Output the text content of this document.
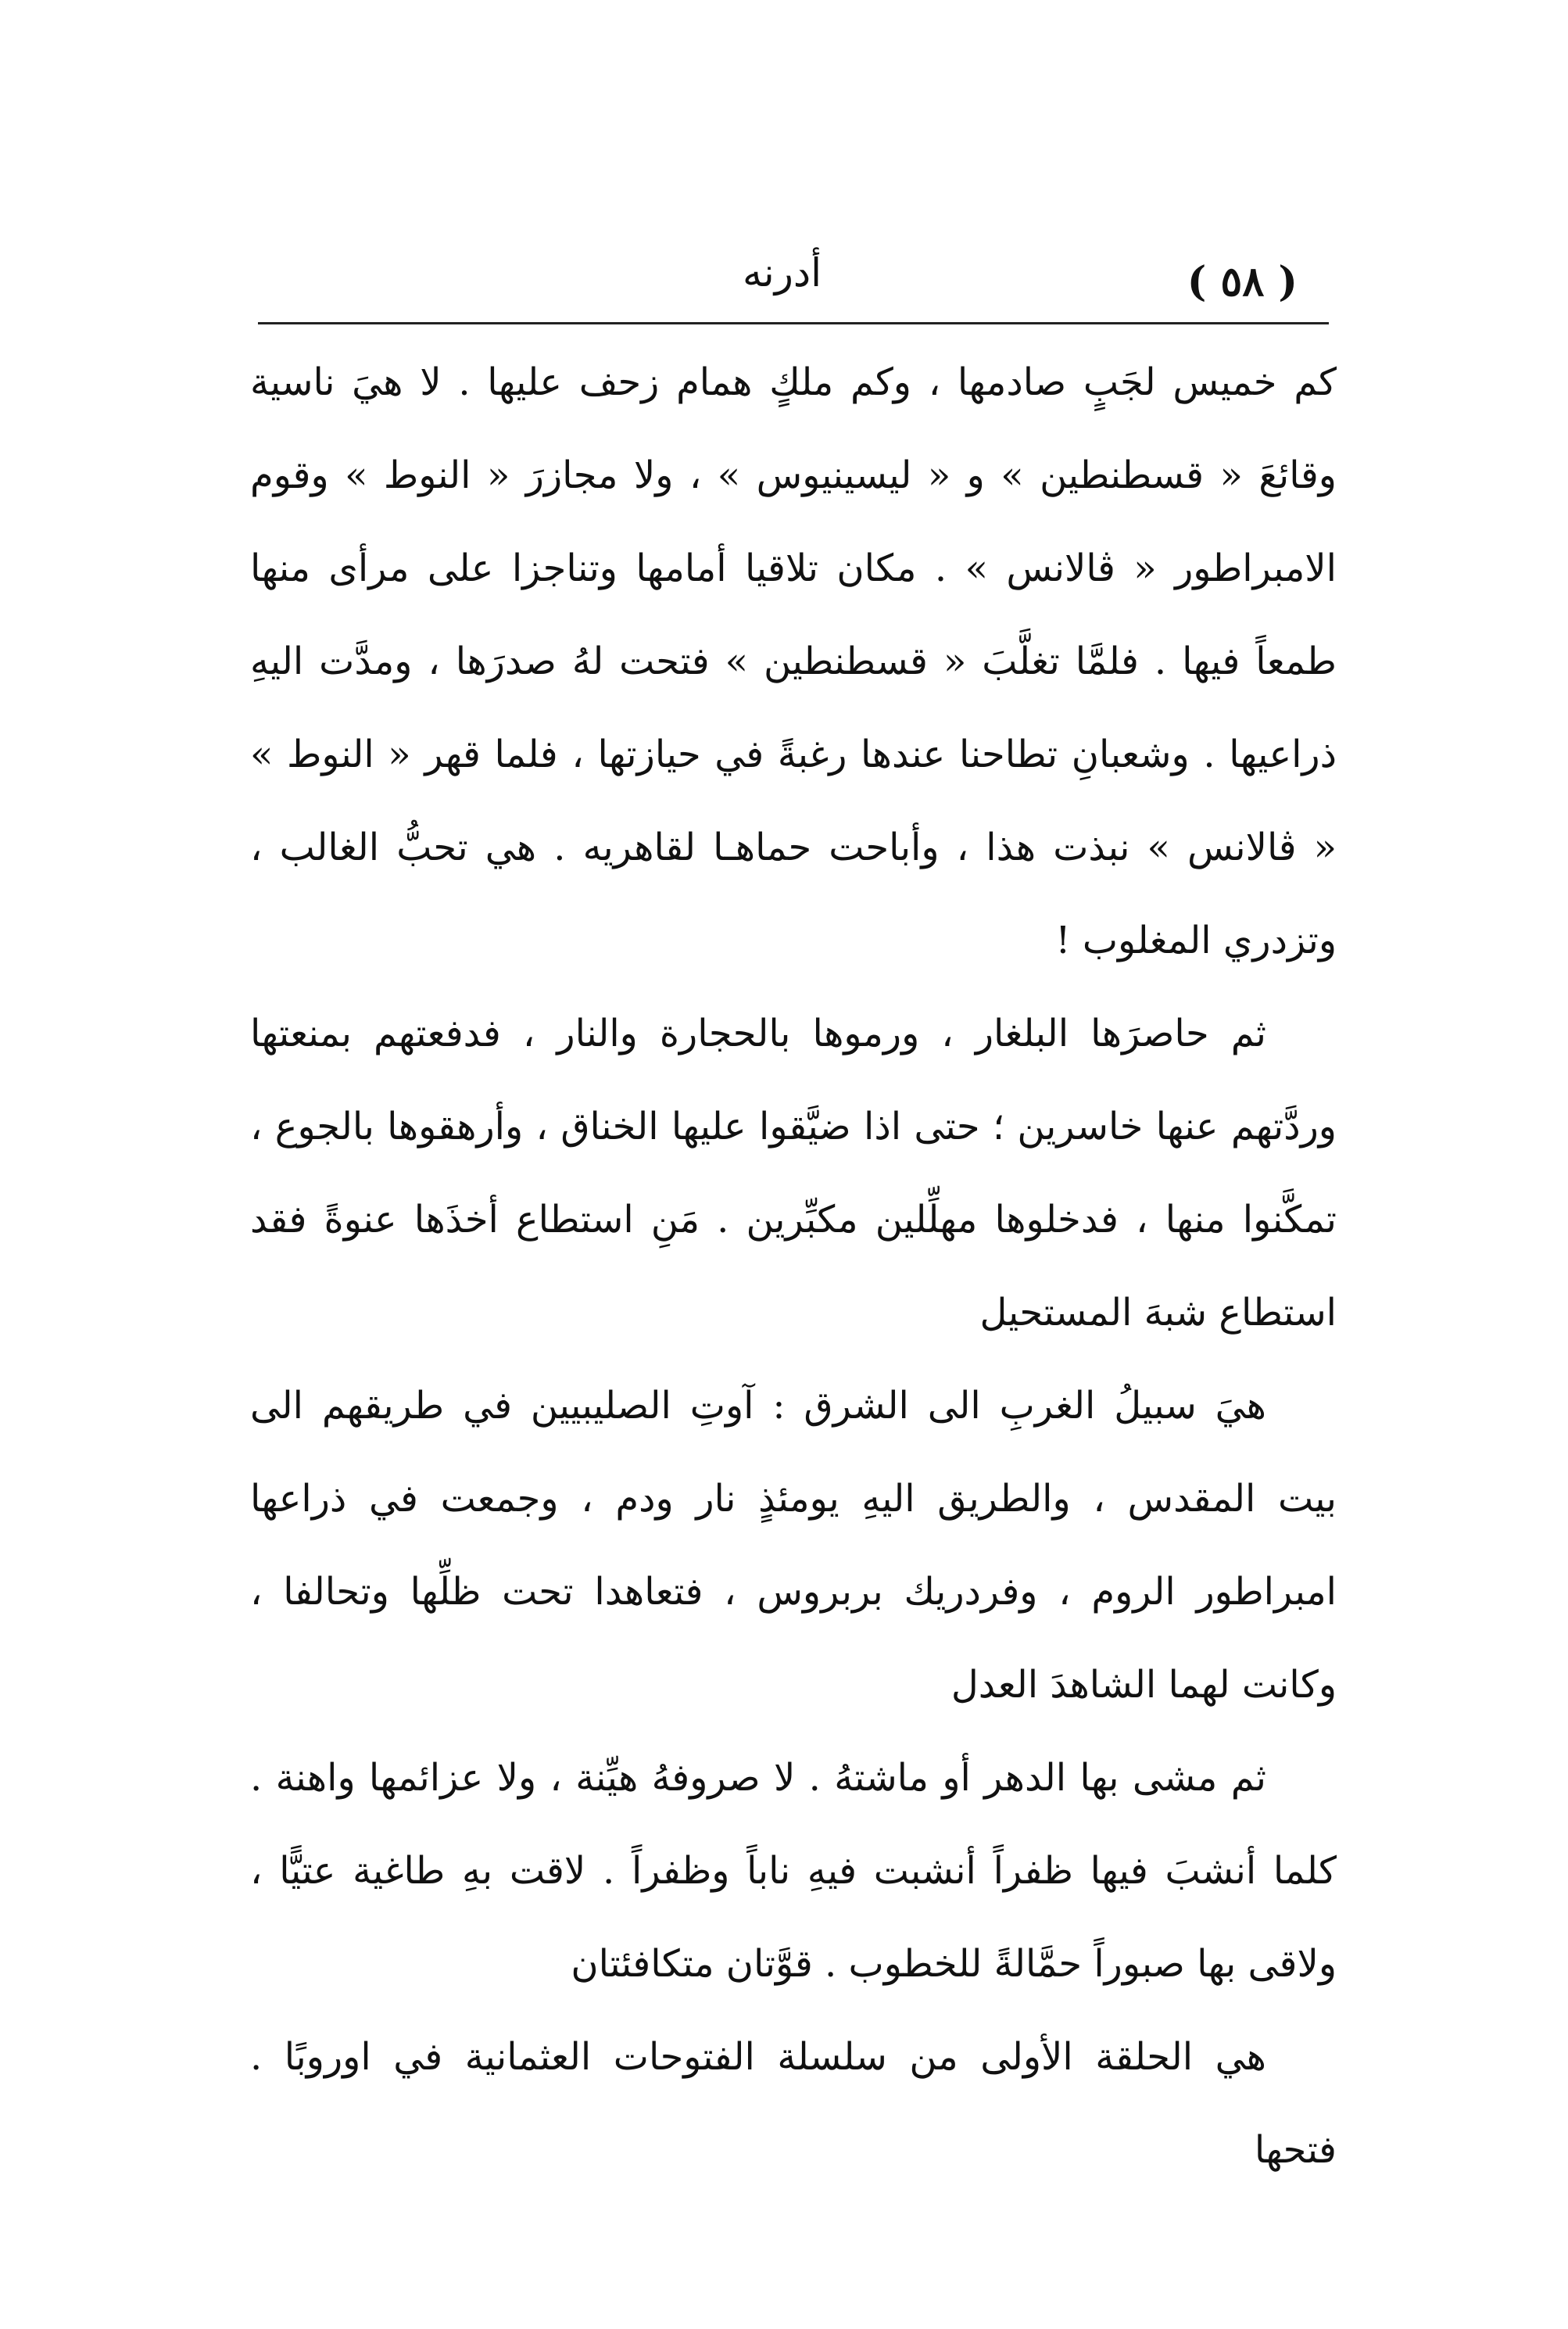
( ٥٨ )
أدرنه

كم خميس لجَبٍ صادمها ، وكم ملكٍ همام زحف عليها . لا هيَ ناسية وقائعَ « قسطنطين » و « ليسينيوس » ، ولا مجازرَ « النوط » وقوم الامبراطور « ڤالانس » . مكان تلاقيا أمامها وتناجزا على مرأى منها طمعاً فيها . فلمَّا تغلَّبَ « قسطنطين » فتحت لهُ صدرَها ، ومدَّت اليهِ ذراعيها . وشعبانِ تطاحنا عندها رغبةً في حيازتها ، فلما قهر « النوط » « ڤالانس » نبذت هذا ، وأباحت حماهـا لقاهريه . هي تحبُّ الغالب ، وتزدري المغلوب !

ثم حاصرَها البلغار ، ورموها بالحجارة والنار ، فدفعتهم بمنعتها وردَّتهم عنها خاسرين ؛ حتى اذا ضيَّقوا عليها الخناق ، وأرهقوها بالجوع ، تمكَّنوا منها ، فدخلوها مهلِّلين مكبِّرين . مَنِ استطاع أخذَها عنوةً فقد استطاع شبهَ المستحيل

هيَ سبيلُ الغربِ الى الشرق : آوتِ الصليبيين في طريقهم الى بيت المقدس ، والطريق اليهِ يومئذٍ نار ودم ، وجمعت في ذراعها امبراطور الروم ، وفردريك بربروس ، فتعاهدا تحت ظلِّها وتحالفا ، وكانت لهما الشاهدَ العدل

ثم مشى بها الدهر أو ماشتهُ . لا صروفهُ هيِّنة ، ولا عزائمها واهنة . كلما أنشبَ فيها ظفراً أنشبت فيهِ ناباً وظفراً . لاقت بهِ طاغية عتيًّا ، ولاقى بها صبوراً حمَّالةً للخطوب . قوَّتان متكافئتان

هي الحلقة الأولى من سلسلة الفتوحات العثمانية في اوروبًا . فتحها
